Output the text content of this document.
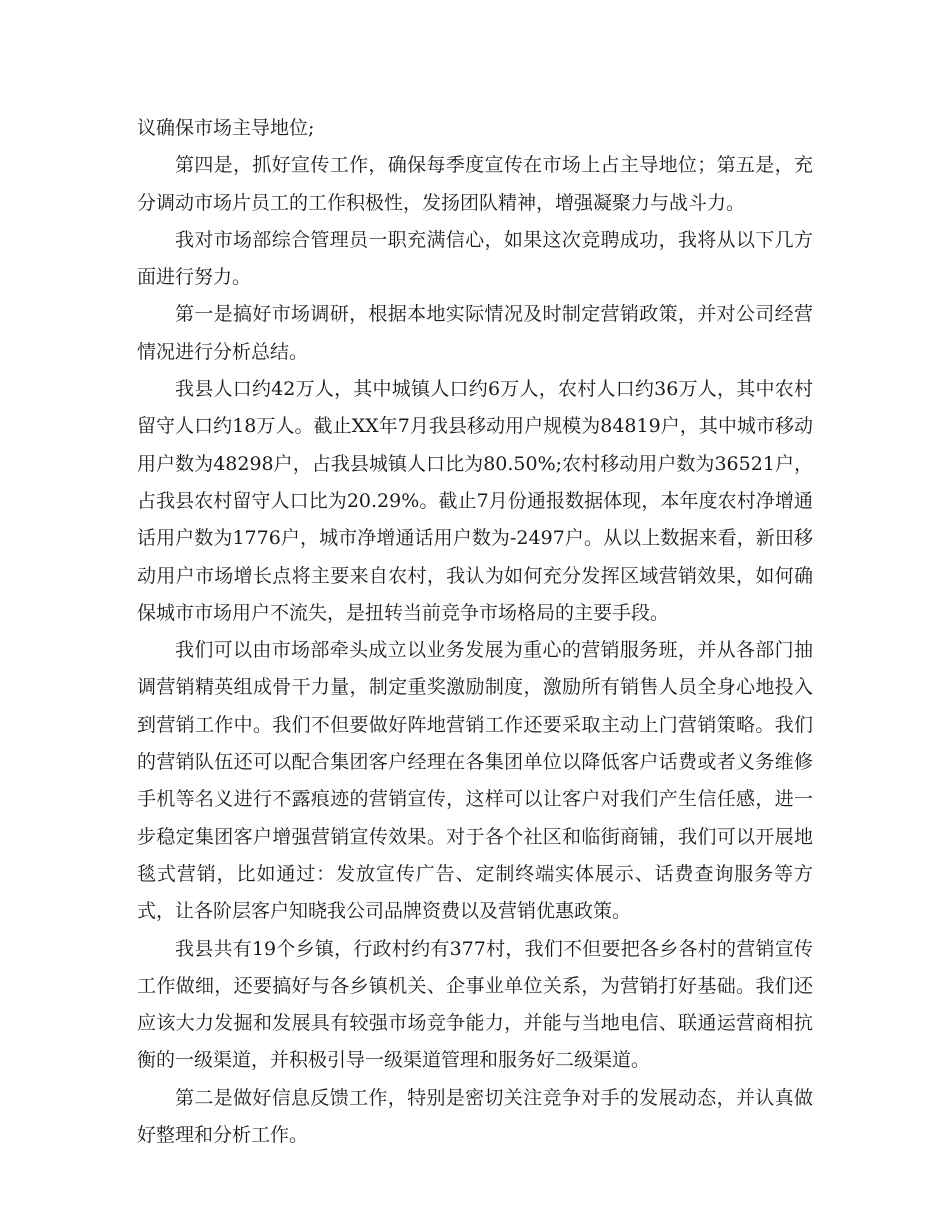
议确保市场主导地位;

第四是，抓好宣传工作，确保每季度宣传在市场上占主导地位；第五是，充分调动市场片员工的工作积极性，发扬团队精神，增强凝聚力与战斗力。

我对市场部综合管理员一职充满信心，如果这次竞聘成功，我将从以下几方面进行努力。

第一是搞好市场调研，根据本地实际情况及时制定营销政策，并对公司经营情况进行分析总结。

我县人口约42万人，其中城镇人口约6万人，农村人口约36万人，其中农村留守人口约18万人。截止XX年7月我县移动用户规模为84819户，其中城市移动用户数为48298户，占我县城镇人口比为80.50%;农村移动用户数为36521户，占我县农村留守人口比为20.29%。截止7月份通报数据体现，本年度农村净增通话用户数为1776户，城市净增通话用户数为-2497户。从以上数据来看，新田移动用户市场增长点将主要来自农村，我认为如何充分发挥区域营销效果，如何确保城市市场用户不流失，是扭转当前竞争市场格局的主要手段。

我们可以由市场部牵头成立以业务发展为重心的营销服务班，并从各部门抽调营销精英组成骨干力量，制定重奖激励制度，激励所有销售人员全身心地投入到营销工作中。我们不但要做好阵地营销工作还要采取主动上门营销策略。我们的营销队伍还可以配合集团客户经理在各集团单位以降低客户话费或者义务维修手机等名义进行不露痕迹的营销宣传，这样可以让客户对我们产生信任感，进一步稳定集团客户增强营销宣传效果。对于各个社区和临街商铺，我们可以开展地毯式营销，比如通过：发放宣传广告、定制终端实体展示、话费查询服务等方式，让各阶层客户知晓我公司品牌资费以及营销优惠政策。

我县共有19个乡镇，行政村约有377村，我们不但要把各乡各村的营销宣传工作做细，还要搞好与各乡镇机关、企事业单位关系，为营销打好基础。我们还应该大力发掘和发展具有较强市场竞争能力，并能与当地电信、联通运营商相抗衡的一级渠道，并积极引导一级渠道管理和服务好二级渠道。

第二是做好信息反馈工作，特别是密切关注竞争对手的发展动态，并认真做好整理和分析工作。
